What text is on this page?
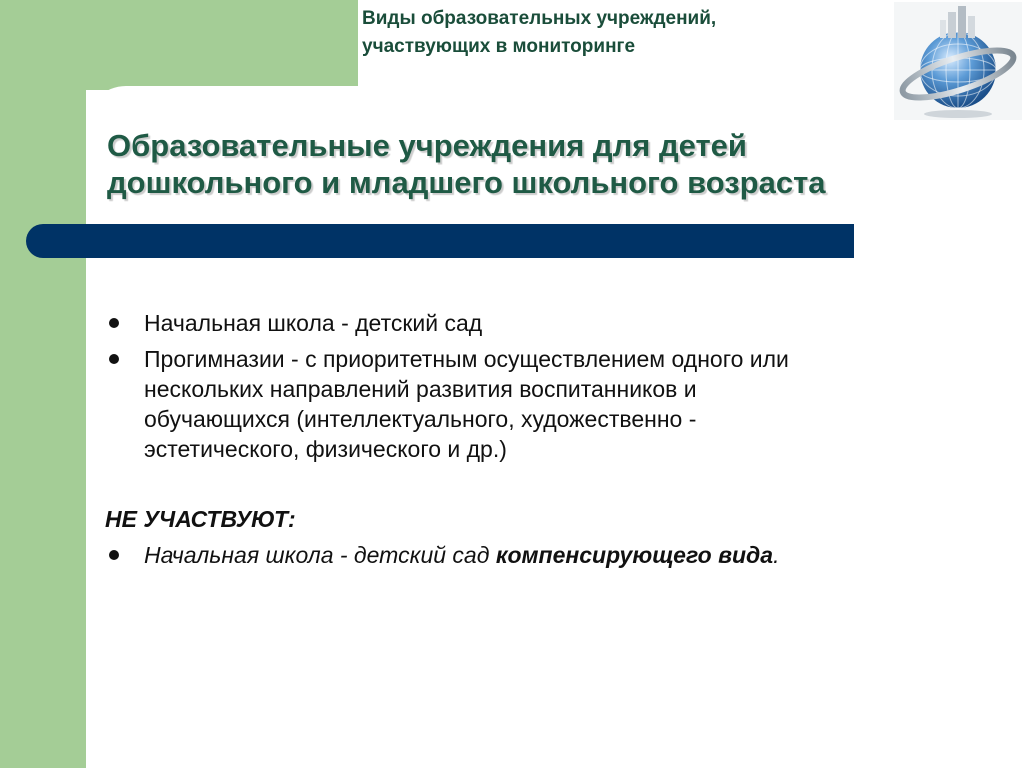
Виды образовательных учреждений,
участвующих в мониторинге
Образовательные учреждения для детей
дошкольного и младшего школьного возраста
Начальная школа - детский сад
Прогимназии - с приоритетным осуществлением одного или
нескольких направлений развития воспитанников и
обучающихся (интеллектуального, художественно -
эстетического, физического и др.)
НЕ УЧАСТВУЮТ:
Начальная школа - детский сад компенсирующего вида.
